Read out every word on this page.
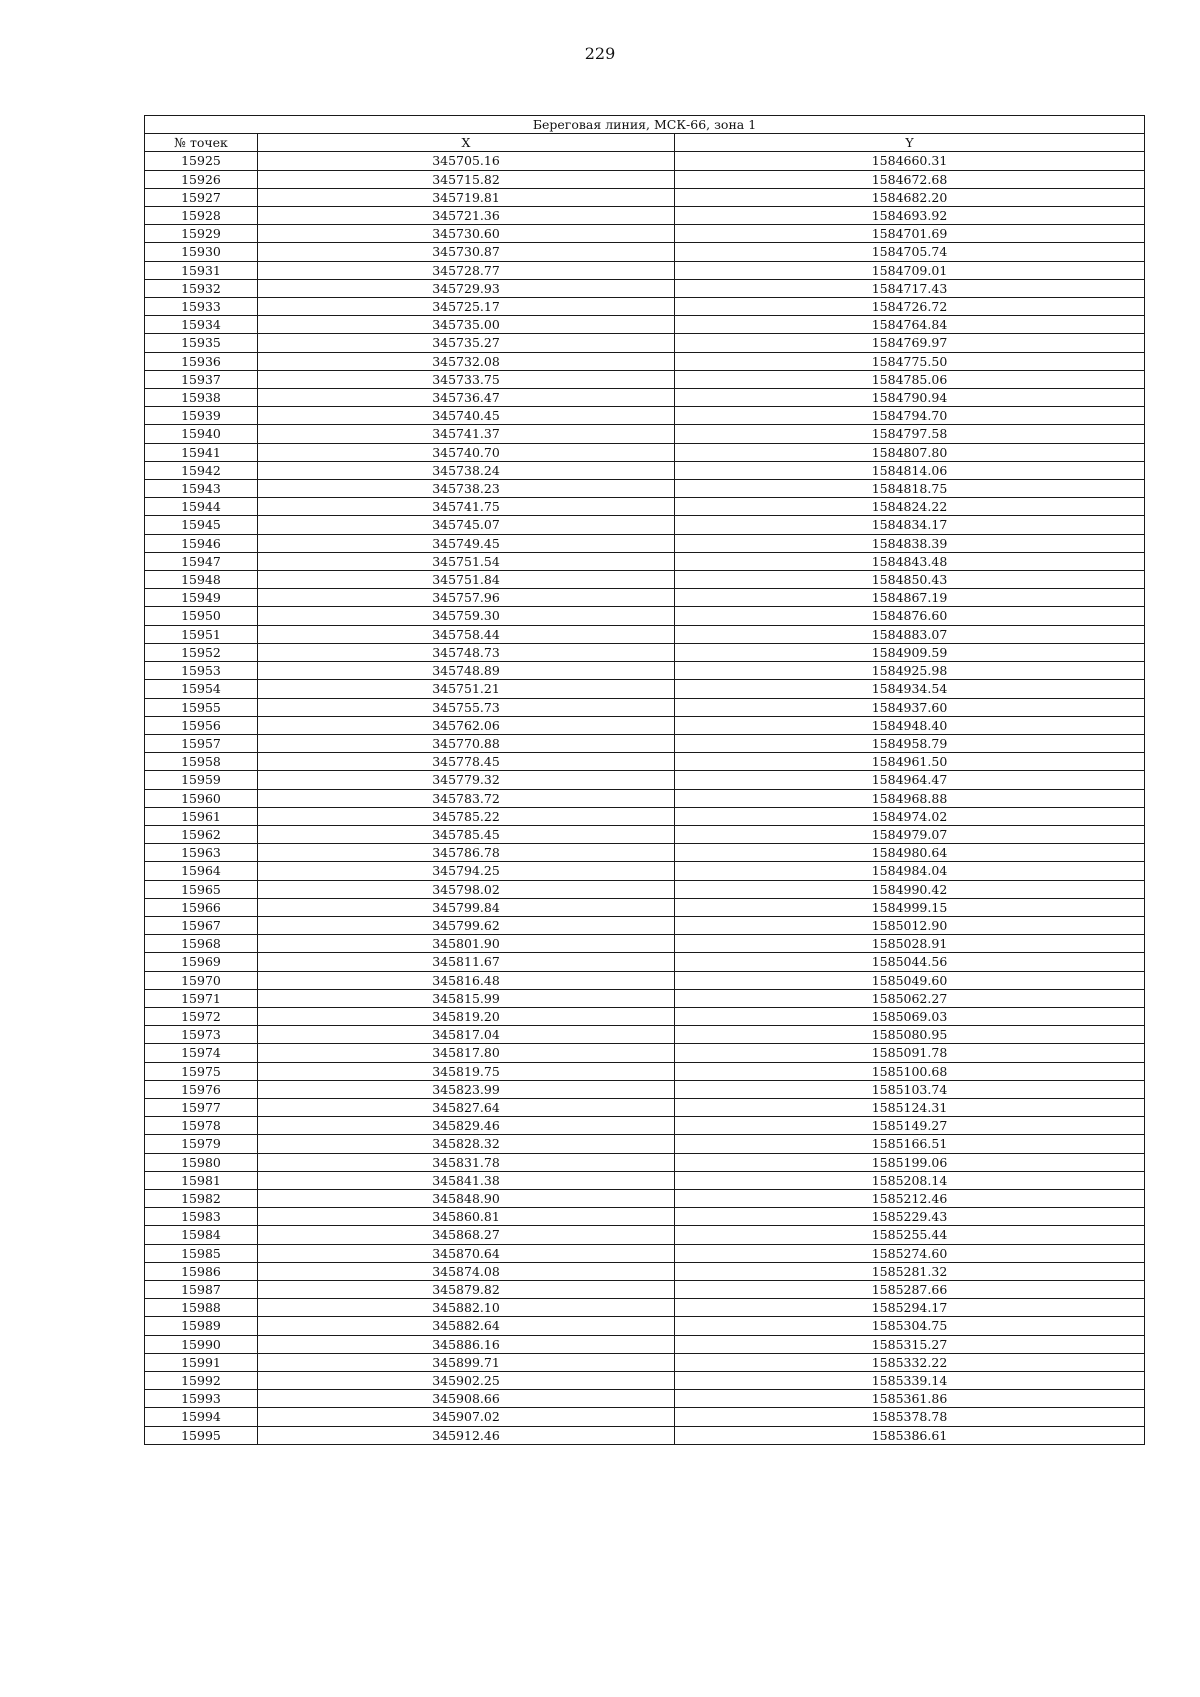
229
Береговая линия, МСК-66, зона 1		
№ точек	X	Y
15925	345705.16	1584660.31
15926	345715.82	1584672.68
15927	345719.81	1584682.20
15928	345721.36	1584693.92
15929	345730.60	1584701.69
15930	345730.87	1584705.74
15931	345728.77	1584709.01
15932	345729.93	1584717.43
15933	345725.17	1584726.72
15934	345735.00	1584764.84
15935	345735.27	1584769.97
15936	345732.08	1584775.50
15937	345733.75	1584785.06
15938	345736.47	1584790.94
15939	345740.45	1584794.70
15940	345741.37	1584797.58
15941	345740.70	1584807.80
15942	345738.24	1584814.06
15943	345738.23	1584818.75
15944	345741.75	1584824.22
15945	345745.07	1584834.17
15946	345749.45	1584838.39
15947	345751.54	1584843.48
15948	345751.84	1584850.43
15949	345757.96	1584867.19
15950	345759.30	1584876.60
15951	345758.44	1584883.07
15952	345748.73	1584909.59
15953	345748.89	1584925.98
15954	345751.21	1584934.54
15955	345755.73	1584937.60
15956	345762.06	1584948.40
15957	345770.88	1584958.79
15958	345778.45	1584961.50
15959	345779.32	1584964.47
15960	345783.72	1584968.88
15961	345785.22	1584974.02
15962	345785.45	1584979.07
15963	345786.78	1584980.64
15964	345794.25	1584984.04
15965	345798.02	1584990.42
15966	345799.84	1584999.15
15967	345799.62	1585012.90
15968	345801.90	1585028.91
15969	345811.67	1585044.56
15970	345816.48	1585049.60
15971	345815.99	1585062.27
15972	345819.20	1585069.03
15973	345817.04	1585080.95
15974	345817.80	1585091.78
15975	345819.75	1585100.68
15976	345823.99	1585103.74
15977	345827.64	1585124.31
15978	345829.46	1585149.27
15979	345828.32	1585166.51
15980	345831.78	1585199.06
15981	345841.38	1585208.14
15982	345848.90	1585212.46
15983	345860.81	1585229.43
15984	345868.27	1585255.44
15985	345870.64	1585274.60
15986	345874.08	1585281.32
15987	345879.82	1585287.66
15988	345882.10	1585294.17
15989	345882.64	1585304.75
15990	345886.16	1585315.27
15991	345899.71	1585332.22
15992	345902.25	1585339.14
15993	345908.66	1585361.86
15994	345907.02	1585378.78
15995	345912.46	1585386.61
